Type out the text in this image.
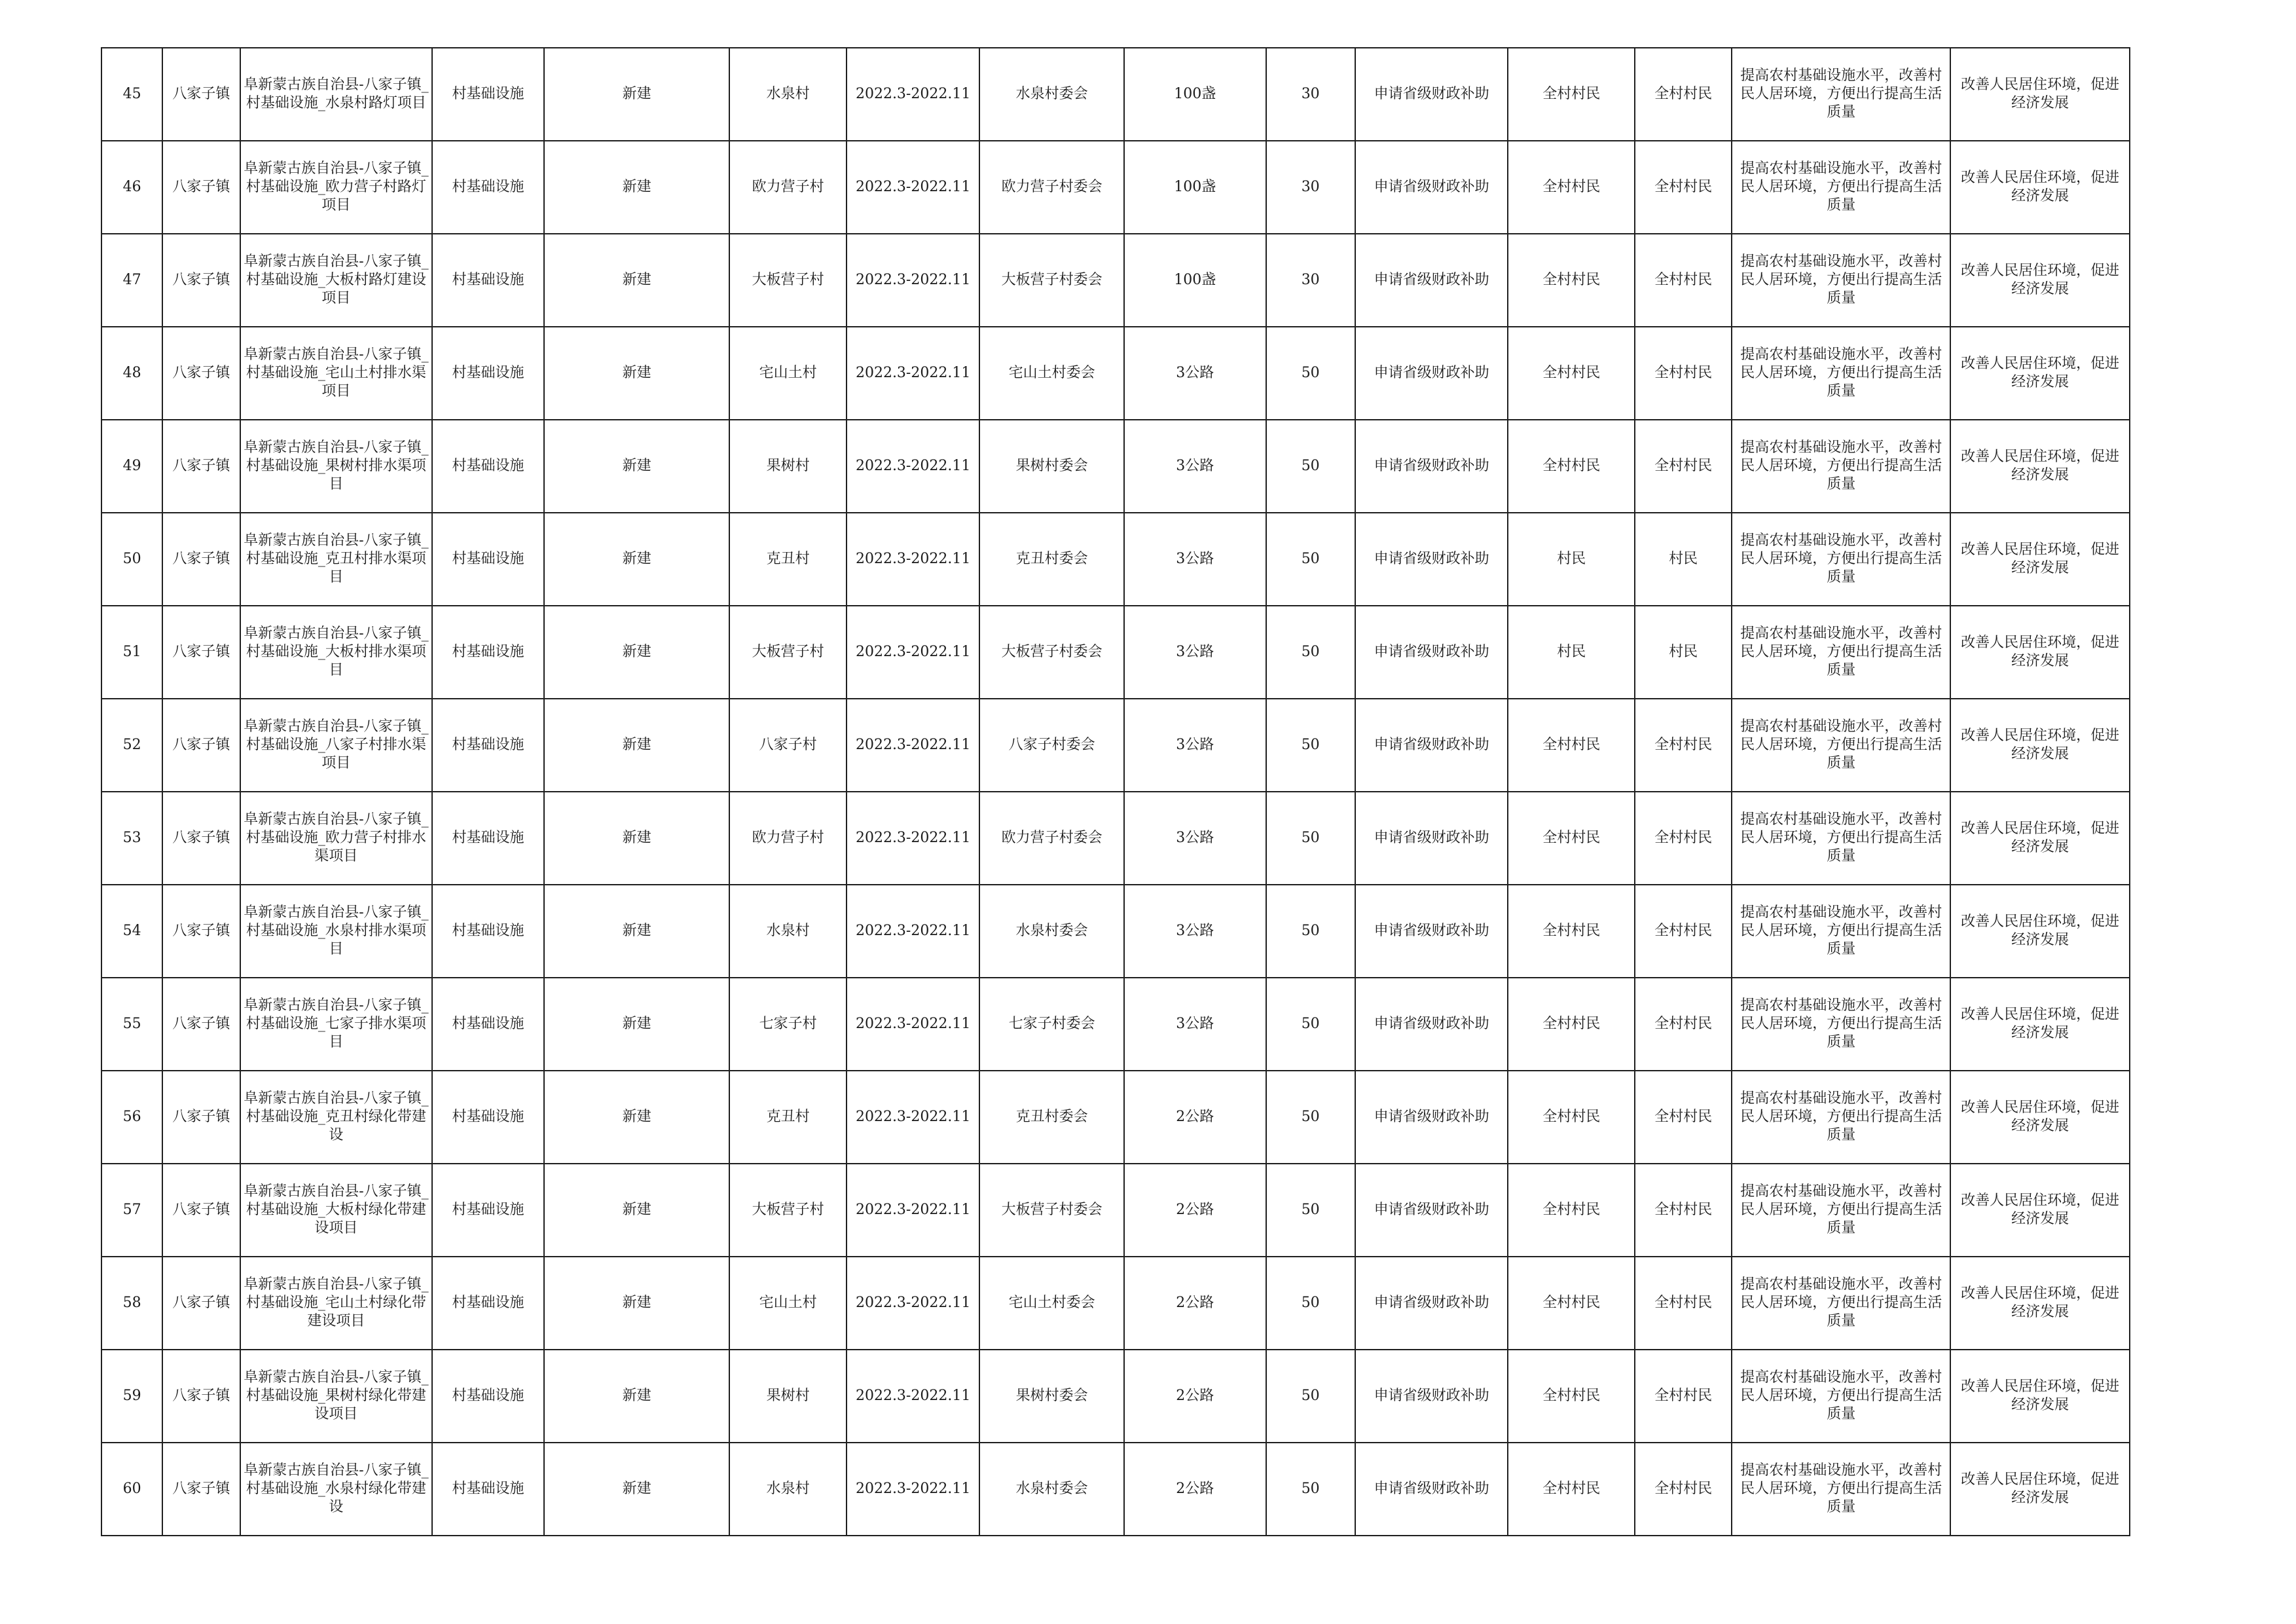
45	八家子镇	阜新蒙古族自治县-八家子镇_村基础设施_水泉村路灯项目	村基础设施	新建	水泉村	2022.3-2022.11	水泉村委会	100盏	30	申请省级财政补助	全村村民	全村村民	提高农村基础设施水平，改善村民人居环境，方便出行提高生活质量	改善人民居住环境，促进经济发展
46	八家子镇	阜新蒙古族自治县-八家子镇_村基础设施_欧力营子村路灯项目	村基础设施	新建	欧力营子村	2022.3-2022.11	欧力营子村委会	100盏	30	申请省级财政补助	全村村民	全村村民	提高农村基础设施水平，改善村民人居环境，方便出行提高生活质量	改善人民居住环境，促进经济发展
47	八家子镇	阜新蒙古族自治县-八家子镇_村基础设施_大板村路灯建设项目	村基础设施	新建	大板营子村	2022.3-2022.11	大板营子村委会	100盏	30	申请省级财政补助	全村村民	全村村民	提高农村基础设施水平，改善村民人居环境，方便出行提高生活质量	改善人民居住环境，促进经济发展
48	八家子镇	阜新蒙古族自治县-八家子镇_村基础设施_宅山土村排水渠项目	村基础设施	新建	宅山土村	2022.3-2022.11	宅山土村委会	3公路	50	申请省级财政补助	全村村民	全村村民	提高农村基础设施水平，改善村民人居环境，方便出行提高生活质量	改善人民居住环境，促进经济发展
49	八家子镇	阜新蒙古族自治县-八家子镇_村基础设施_果树村排水渠项目	村基础设施	新建	果树村	2022.3-2022.11	果树村委会	3公路	50	申请省级财政补助	全村村民	全村村民	提高农村基础设施水平，改善村民人居环境，方便出行提高生活质量	改善人民居住环境，促进经济发展
50	八家子镇	阜新蒙古族自治县-八家子镇_村基础设施_克丑村排水渠项目	村基础设施	新建	克丑村	2022.3-2022.11	克丑村委会	3公路	50	申请省级财政补助	村民	村民	提高农村基础设施水平，改善村民人居环境，方便出行提高生活质量	改善人民居住环境，促进经济发展
51	八家子镇	阜新蒙古族自治县-八家子镇_村基础设施_大板村排水渠项目	村基础设施	新建	大板营子村	2022.3-2022.11	大板营子村委会	3公路	50	申请省级财政补助	村民	村民	提高农村基础设施水平，改善村民人居环境，方便出行提高生活质量	改善人民居住环境，促进经济发展
52	八家子镇	阜新蒙古族自治县-八家子镇_村基础设施_八家子村排水渠项目	村基础设施	新建	八家子村	2022.3-2022.11	八家子村委会	3公路	50	申请省级财政补助	全村村民	全村村民	提高农村基础设施水平，改善村民人居环境，方便出行提高生活质量	改善人民居住环境，促进经济发展
53	八家子镇	阜新蒙古族自治县-八家子镇_村基础设施_欧力营子村排水渠项目	村基础设施	新建	欧力营子村	2022.3-2022.11	欧力营子村委会	3公路	50	申请省级财政补助	全村村民	全村村民	提高农村基础设施水平，改善村民人居环境，方便出行提高生活质量	改善人民居住环境，促进经济发展
54	八家子镇	阜新蒙古族自治县-八家子镇_村基础设施_水泉村排水渠项目	村基础设施	新建	水泉村	2022.3-2022.11	水泉村委会	3公路	50	申请省级财政补助	全村村民	全村村民	提高农村基础设施水平，改善村民人居环境，方便出行提高生活质量	改善人民居住环境，促进经济发展
55	八家子镇	阜新蒙古族自治县-八家子镇_村基础设施_七家子排水渠项目	村基础设施	新建	七家子村	2022.3-2022.11	七家子村委会	3公路	50	申请省级财政补助	全村村民	全村村民	提高农村基础设施水平，改善村民人居环境，方便出行提高生活质量	改善人民居住环境，促进经济发展
56	八家子镇	阜新蒙古族自治县-八家子镇_村基础设施_克丑村绿化带建设	村基础设施	新建	克丑村	2022.3-2022.11	克丑村委会	2公路	50	申请省级财政补助	全村村民	全村村民	提高农村基础设施水平，改善村民人居环境，方便出行提高生活质量	改善人民居住环境，促进经济发展
57	八家子镇	阜新蒙古族自治县-八家子镇_村基础设施_大板村绿化带建设项目	村基础设施	新建	大板营子村	2022.3-2022.11	大板营子村委会	2公路	50	申请省级财政补助	全村村民	全村村民	提高农村基础设施水平，改善村民人居环境，方便出行提高生活质量	改善人民居住环境，促进经济发展
58	八家子镇	阜新蒙古族自治县-八家子镇_村基础设施_宅山土村绿化带建设项目	村基础设施	新建	宅山土村	2022.3-2022.11	宅山土村委会	2公路	50	申请省级财政补助	全村村民	全村村民	提高农村基础设施水平，改善村民人居环境，方便出行提高生活质量	改善人民居住环境，促进经济发展
59	八家子镇	阜新蒙古族自治县-八家子镇_村基础设施_果树村绿化带建设项目	村基础设施	新建	果树村	2022.3-2022.11	果树村委会	2公路	50	申请省级财政补助	全村村民	全村村民	提高农村基础设施水平，改善村民人居环境，方便出行提高生活质量	改善人民居住环境，促进经济发展
60	八家子镇	阜新蒙古族自治县-八家子镇_村基础设施_水泉村绿化带建设	村基础设施	新建	水泉村	2022.3-2022.11	水泉村委会	2公路	50	申请省级财政补助	全村村民	全村村民	提高农村基础设施水平，改善村民人居环境，方便出行提高生活质量	改善人民居住环境，促进经济发展
